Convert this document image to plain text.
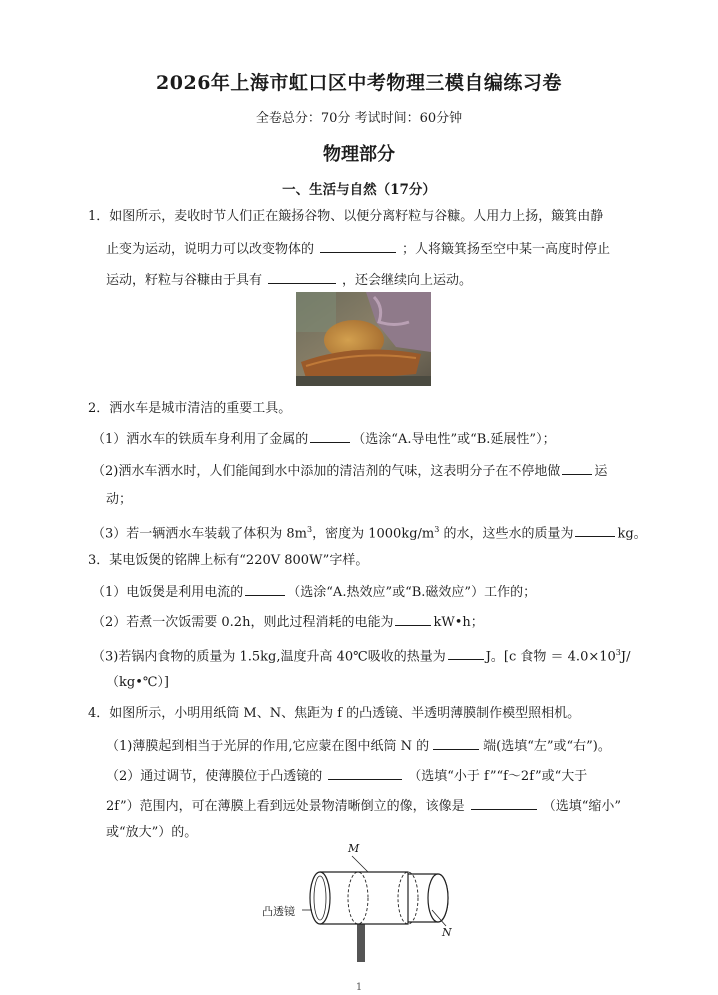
2026年上海市虹口区中考物理三模自编练习卷
全卷总分：70分 考试时间：60分钟
物理部分
一、生活与自然（17分）
1．如图所示，麦收时节人们正在簸扬谷物、以便分离籽粒与谷糠。人用力上扬，簸箕由静
止变为运动，说明力可以改变物体的	；人将簸箕扬至空中某一高度时停止
运动，籽粒与谷糠由于具有	，还会继续向上运动。
2．洒水车是城市清洁的重要工具。
（1）洒水车的铁质车身利用了金属的	（选涂“A.导电性”或“B.延展性”）；
（2)洒水车洒水时，人们能闻到水中添加的清洁剂的气味，这表明分子在不停地做	运
动；
（3）若一辆洒水车装载了体积为 $8m^3$，密度为 $1000kg/m^3$ 的水，这些水的质量为	kg。
3．某电饭煲的铭牌上标有“220V 800W”字样。
（1）电饭煲是利用电流的	（选涂“A.热效应”或“B.磁效应”）工作的；
（2）若煮一次饭需要 0.2h，则此过程消耗的电能为	kW•h；
（3)若锅内食物的质量为 1.5kg,温度升高 40℃吸收的热量为	J。[c 食物 ＝ $4.0\times 10^3J/$
（kg•℃）]
4．如图所示，小明用纸筒 M、N、焦距为 f 的凸透镜、半透明薄膜制作模型照相机。
（1)薄膜起到相当于光屏的作用,它应蒙在图中纸筒 N 的	端(选填“左”或“右”)。
（2）通过调节，使薄膜位于凸透镜的	（选填“小于 f”“f～2f”或“大于
2f”）范围内，可在薄膜上看到远处景物清晰倒立的像，该像是	（选填“缩小”
或“放大”）的。
M
凸透镜
N
1
